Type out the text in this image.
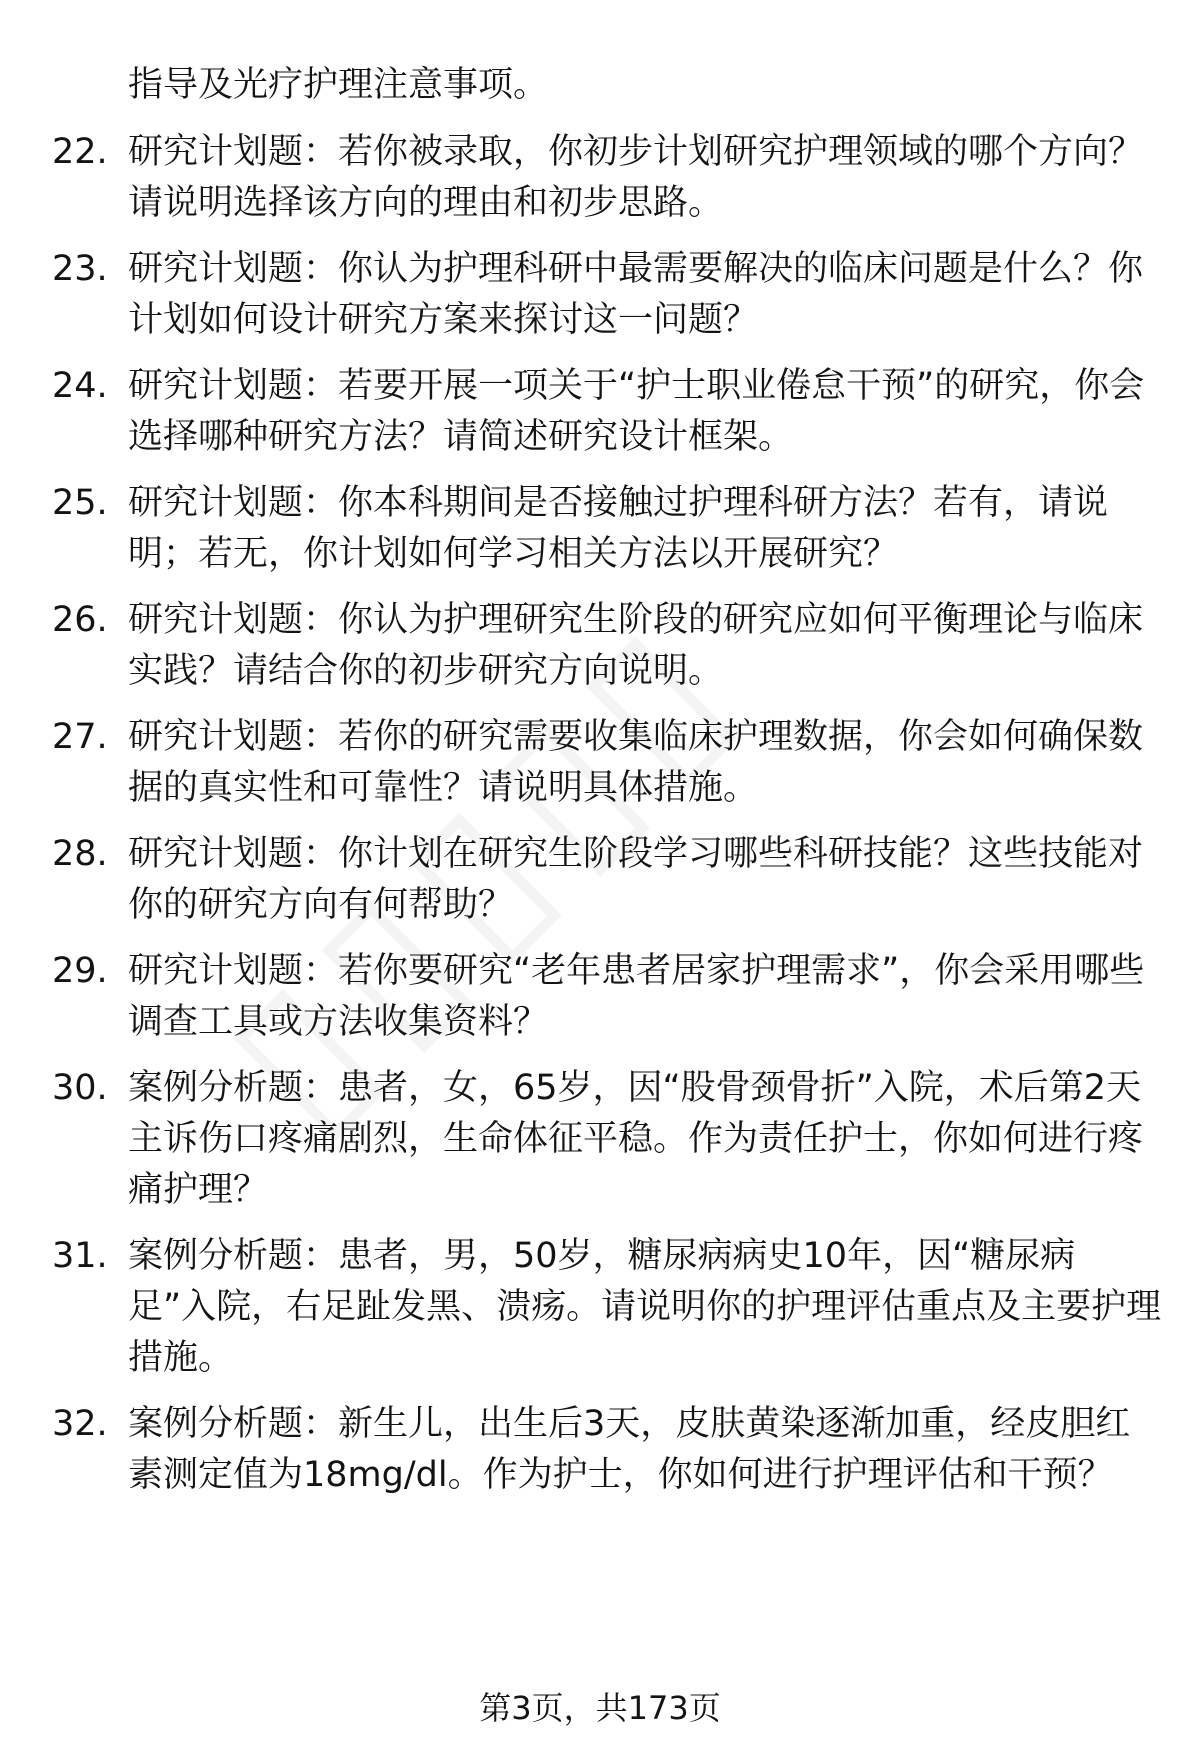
指导及光疗护理注意事项。
22. 研究计划题：若你被录取，你初步计划研究护理领域的哪个方向？请说明选择该方向的理由和初步思路。
23. 研究计划题：你认为护理科研中最需要解决的临床问题是什么？你计划如何设计研究方案来探讨这一问题？
24. 研究计划题：若要开展一项关于“护士职业倦怠干预”的研究，你会选择哪种研究方法？请简述研究设计框架。
25. 研究计划题：你本科期间是否接触过护理科研方法？若有，请说明；若无，你计划如何学习相关方法以开展研究？
26. 研究计划题：你认为护理研究生阶段的研究应如何平衡理论与临床实践？请结合你的初步研究方向说明。
27. 研究计划题：若你的研究需要收集临床护理数据，你会如何确保数据的真实性和可靠性？请说明具体措施。
28. 研究计划题：你计划在研究生阶段学习哪些科研技能？这些技能对你的研究方向有何帮助？
29. 研究计划题：若你要研究“老年患者居家护理需求”，你会采用哪些调查工具或方法收集资料？
30. 案例分析题：患者，女，65岁，因“股骨颈骨折”入院，术后第2天主诉伤口疼痛剧烈，生命体征平稳。作为责任护士，你如何进行疼痛护理？
31. 案例分析题：患者，男，50岁，糖尿病病史10年，因“糖尿病足”入院，右足趾发黑、溃疡。请说明你的护理评估重点及主要护理措施。
32. 案例分析题：新生儿，出生后3天，皮肤黄染逐渐加重，经皮胆红素测定值为18mg/dl。作为护士，你如何进行护理评估和干预？
第3页，共173页
